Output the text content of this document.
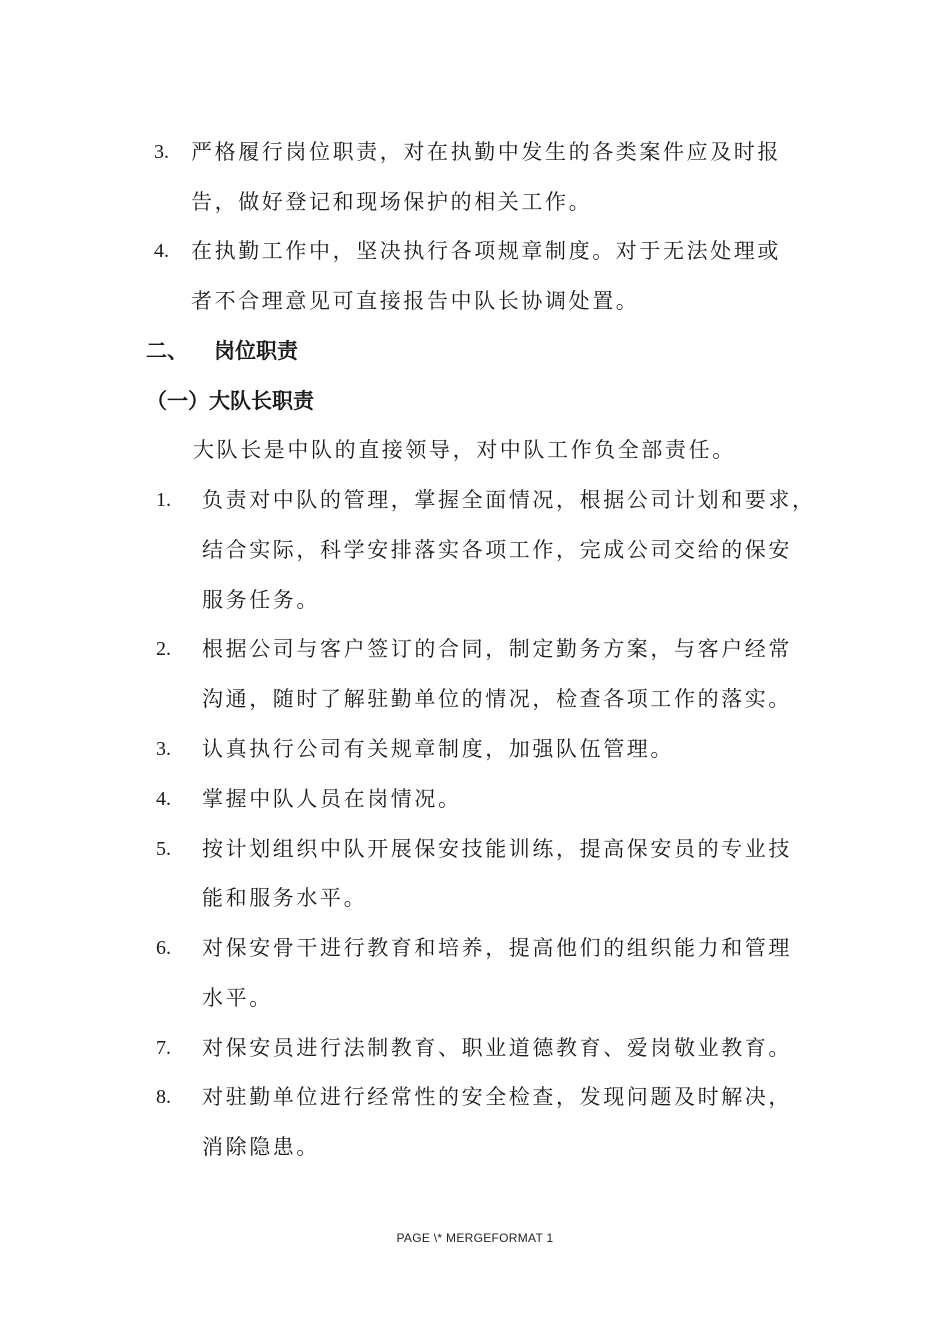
3. 严格履行岗位职责，对在执勤中发生的各类案件应及时报
告，做好登记和现场保护的相关工作。
4. 在执勤工作中，坚决执行各项规章制度。对于无法处理或
者不合理意见可直接报告中队长协调处置。
二、 岗位职责
（一）大队长职责
大队长是中队的直接领导，对中队工作负全部责任。
1. 负责对中队的管理，掌握全面情况，根据公司计划和要求，
结合实际，科学安排落实各项工作，完成公司交给的保安
服务任务。
2. 根据公司与客户签订的合同，制定勤务方案，与客户经常
沟通，随时了解驻勤单位的情况，检查各项工作的落实。
3. 认真执行公司有关规章制度，加强队伍管理。
4. 掌握中队人员在岗情况。
5. 按计划组织中队开展保安技能训练，提高保安员的专业技
能和服务水平。
6. 对保安骨干进行教育和培养，提高他们的组织能力和管理
水平。
7. 对保安员进行法制教育、职业道德教育、爱岗敬业教育。
8. 对驻勤单位进行经常性的安全检查，发现问题及时解决，
消除隐患。
PAGE \* MERGEFORMAT 1
